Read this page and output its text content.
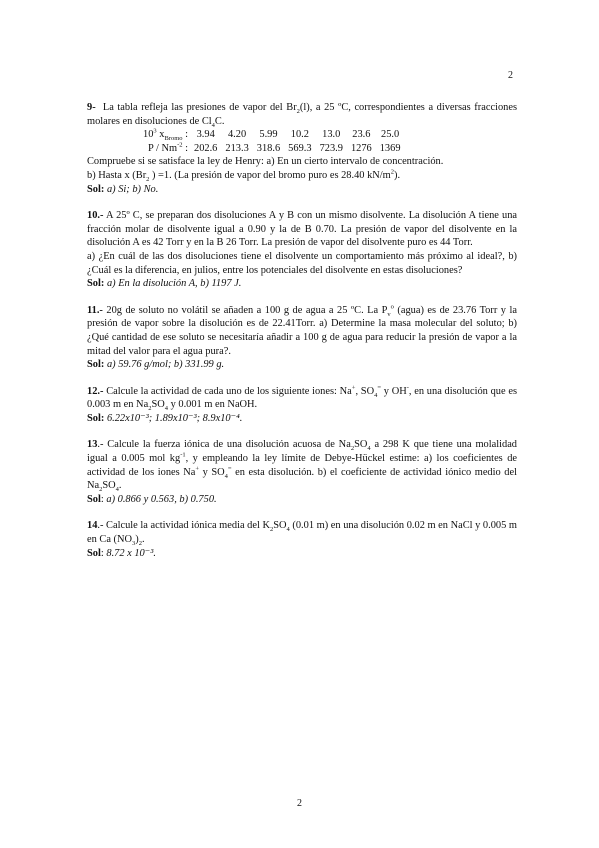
2

9- La tabla refleja las presiones de vapor del $Br_2(l)$, a 25 ºC, correspondientes a diversas fracciones molares en disoluciones de $Cl_4C$.

$10^3$ $x_{Bromo}$ :	3.94	4.20	5.99	10.2	13.0	23.6	25.0
P / $Nm^{-2}$ :	202.6	213.3	318.6	569.3	723.9	1276	1369

Compruebe si se satisface la ley de Henry: a) En un cierto intervalo de concentración.

b) Hasta x ($Br_2$ ) =1. (La presión de vapor del bromo puro es 28.40 $kN/m^2$).

Sol: a) Si; b) No.

10.- A 25º C, se preparan dos disoluciones A y B con un mismo disolvente. La disolución A tiene una fracción molar de disolvente igual a 0.90 y la de B 0.70. La presión de vapor del disolvente en la disolución A es 42 Torr y en la B 26 Torr. La presión de vapor del disolvente puro es 44 Torr.

a) ¿En cuál de las dos disoluciones tiene el disolvente un comportamiento más próximo al ideal?, b) ¿Cuál es la diferencia, en julios, entre los potenciales del disolvente en estas disoluciones?

Sol: a) En la disolución A, b) 1197 J.

11.- 20g de soluto no volátil se añaden a 100 g de agua a 25 ºC. La $P_v^o$ (agua) es de 23.76 Torr y la presión de vapor sobre la disolución es de 22.41Torr. a) Determine la masa molecular del soluto; b) ¿Qué cantidad de ese soluto se necesitaría añadir a 100 g de agua para reducir la presión de vapor a la mitad del valor para el agua pura?.

Sol: a) 59.76 g/mol; b) 331.99 g.

12.- Calcule la actividad de cada uno de los siguiente iones: Na+, $SO_4^=$ y OH-, en una disolución que es 0.003 m en $Na_2SO_4$ y 0.001 m en NaOH.

Sol: 6.22x10⁻³; 1.89x10⁻³; 8.9x10⁻⁴.

13.- Calcule la fuerza iónica de una disolución acuosa de $Na_2SO_4$ a 298 K que tiene una molalidad igual a 0.005 mol $kg^{-1}$, y empleando la ley límite de Debye-Hückel estime: a) los coeficientes de actividad de los iones Na+ y $SO_4^=$ en esta disolución. b) el coeficiente de actividad iónico medio del $Na_2SO_4$.

Sol: a) 0.866 y 0.563, b) 0.750.

14.- Calcule la actividad iónica media del $K_2SO_4$ (0.01 m) en una disolución 0.02 m en NaCl y 0.005 m en Ca $(NO_3)_2$.

Sol: 8.72 x 10⁻³.

2
